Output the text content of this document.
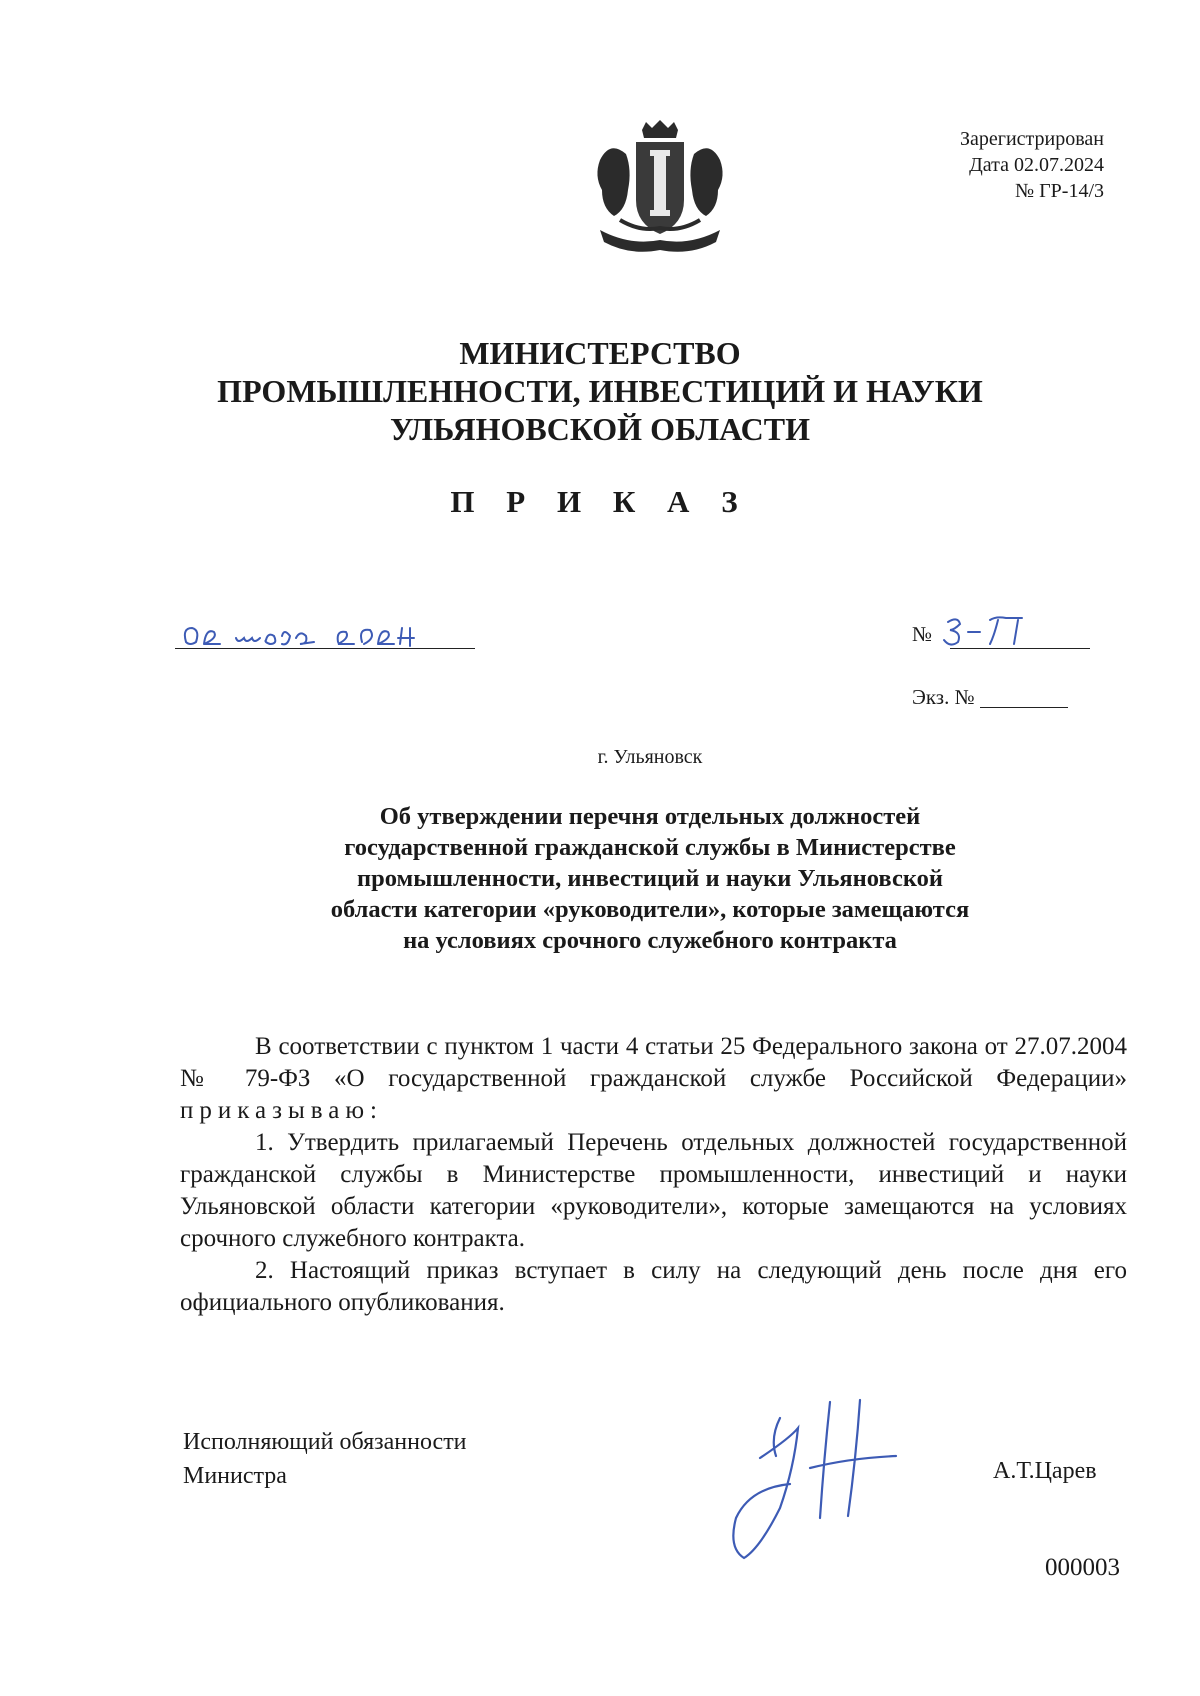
Зарегистрирован
Дата 02.07.2024
№ ГР-14/3
МИНИСТЕРСТВО
ПРОМЫШЛЕННОСТИ, ИНВЕСТИЦИЙ И НАУКИ
УЛЬЯНОВСКОЙ ОБЛАСТИ
П Р И К А З
№
Экз. №
г. Ульяновск
Об утверждении перечня отдельных должностей
государственной гражданской службы в Министерстве
промышленности, инвестиций и науки Ульяновской
области категории «руководители», которые замещаются
на условиях срочного служебного контракта

В соответствии с пунктом 1 части 4 статьи 25 Федерального закона от 27.07.2004 № 79-ФЗ «О государственной гражданской службе Российской Федерации» приказываю:

1. Утвердить прилагаемый Перечень отдельных должностей государственной гражданской службы в Министерстве промышленности, инвестиций и науки Ульяновской области категории «руководители», которые замещаются на условиях срочного служебного контракта.

2. Настоящий приказ вступает в силу на следующий день после дня его официального опубликования.

Исполняющий обязанности
Министра	А.Т.Царев
000003
